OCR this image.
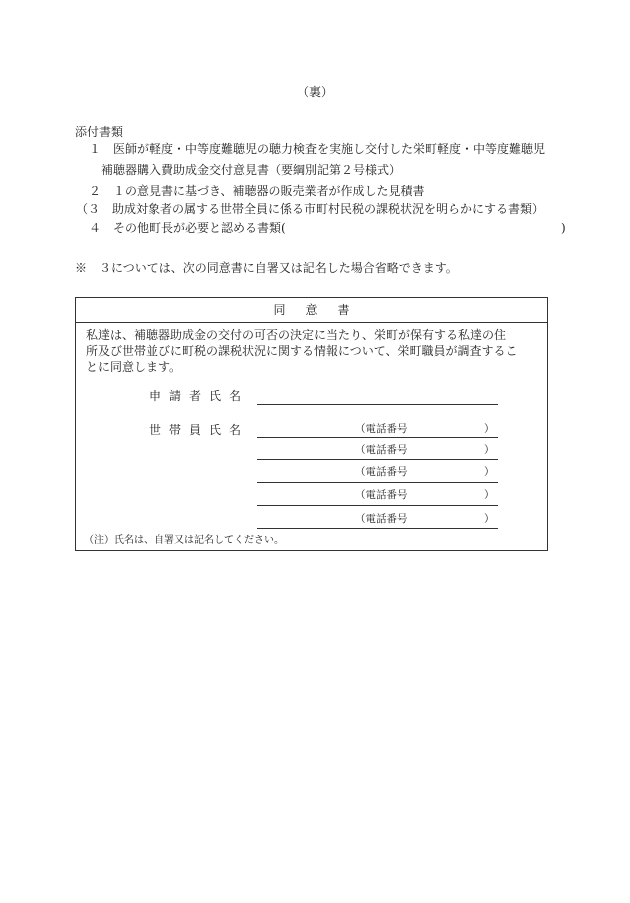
（裏）
添付書類
１　医師が軽度・中等度難聴児の聴力検査を実施し交付した栄町軽度・中等度難聴児
補聴器購入費助成金交付意見書（要綱別記第２号様式）
２　１の意見書に基づき、補聴器の販売業者が作成した見積書
（３　助成対象者の属する世帯全員に係る市町村民税の課税状況を明らかにする書類）
４　その他町長が必要と認める書類(	)
※　３については、次の同意書に自署又は記名した場合省略できます。
同意書
私達は、補聴器助成金の交付の可否の決定に当たり、栄町が保有する私達の住
所及び世帯並びに町税の課税状況に関する情報について、栄町職員が調査するこ
とに同意します。
申請者氏名
世帯員氏名	（電話番号	）
（電話番号	）
（電話番号	）
（電話番号	）
（電話番号	）
（注）氏名は、自署又は記名してください。
